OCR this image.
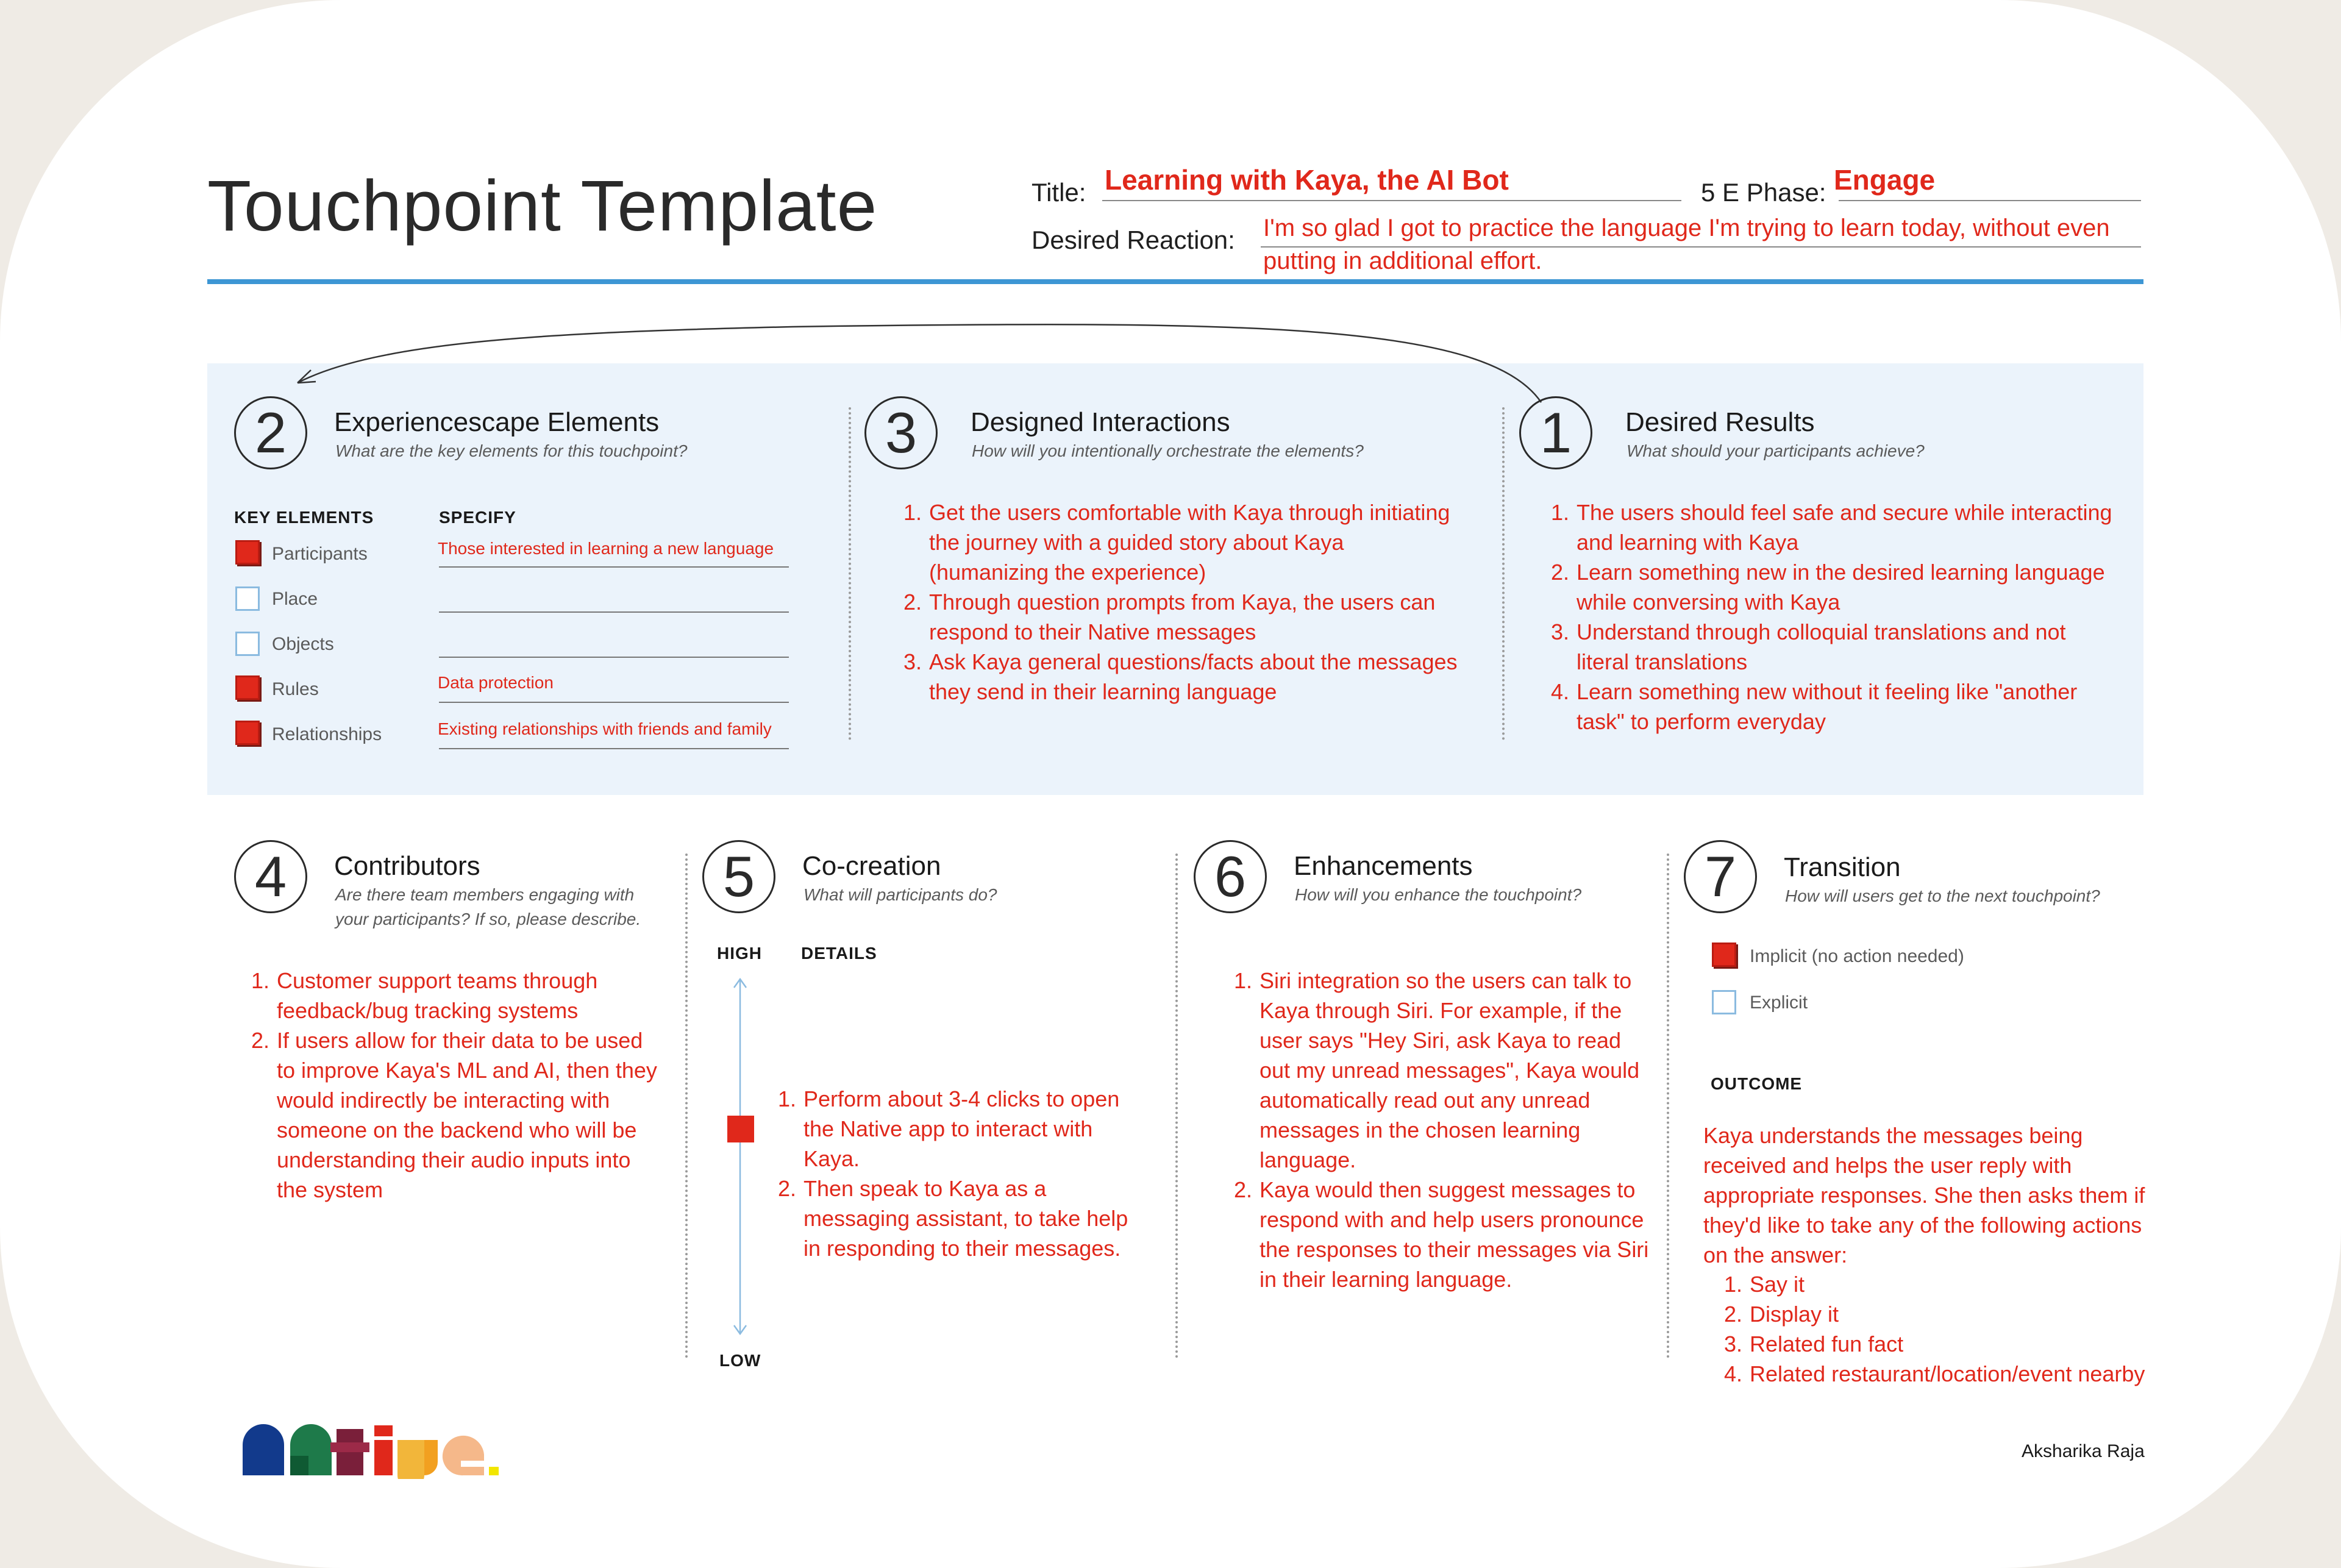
Touchpoint Template	Title: Learning with Kaya, the AI Bot	5 E Phase: Engage
Desired Reaction: I'm so glad I got to practice the language I'm trying to learn today, without even
putting in additional effort.
2	Experiencescape Elements
What are the key elements for this touchpoint?
KEY ELEMENTS	SPECIFY
Participants	Those interested in learning a new language
Place
Objects
Rules	Data protection
Relationships	Existing relationships with friends and family
3	Designed Interactions
How will you intentionally orchestrate the elements?
1. Get the users comfortable with Kaya through initiating the journey with a guided story about Kaya (humanizing the experience)
2. Through question prompts from Kaya, the users can respond to their Native messages
3. Ask Kaya general questions/facts about the messages they send in their learning language
1	Desired Results
What should your participants achieve?
1. The users should feel safe and secure while interacting and learning with Kaya
2. Learn something new in the desired learning language while conversing with Kaya
3. Understand through colloquial translations and not literal translations
4. Learn something new without it feeling like "another task" to perform everyday
4	Contributors
Are there team members engaging with
your participants? If so, please describe.
1. Customer support teams through feedback/bug tracking systems
2. If users allow for their data to be used to improve Kaya's ML and AI, then they would indirectly be interacting with someone on the backend who will be understanding their audio inputs into the system
5	Co-creation
What will participants do?
HIGH DETAILS
LOW
1. Perform about 3-4 clicks to open the Native app to interact with Kaya.
2. Then speak to Kaya as a messaging assistant, to take help in responding to their messages.
6	Enhancements
How will you enhance the touchpoint?
1. Siri integration so the users can talk to Kaya through Siri. For example, if the user says "Hey Siri, ask Kaya to read out my unread messages", Kaya would automatically read out any unread messages in the chosen learning language.
2. Kaya would then suggest messages to respond with and help users pronounce the responses to their messages via Siri in their learning language.
7	Transition
How will users get to the next touchpoint?
Implicit (no action needed)
Explicit
OUTCOME
Kaya understands the messages being received and helps the user reply with appropriate responses. She then asks them if they'd like to take any of the following actions on the answer:
1. Say it
2. Display it
3. Related fun fact
4. Related restaurant/location/event nearby
Aksharika Raja
